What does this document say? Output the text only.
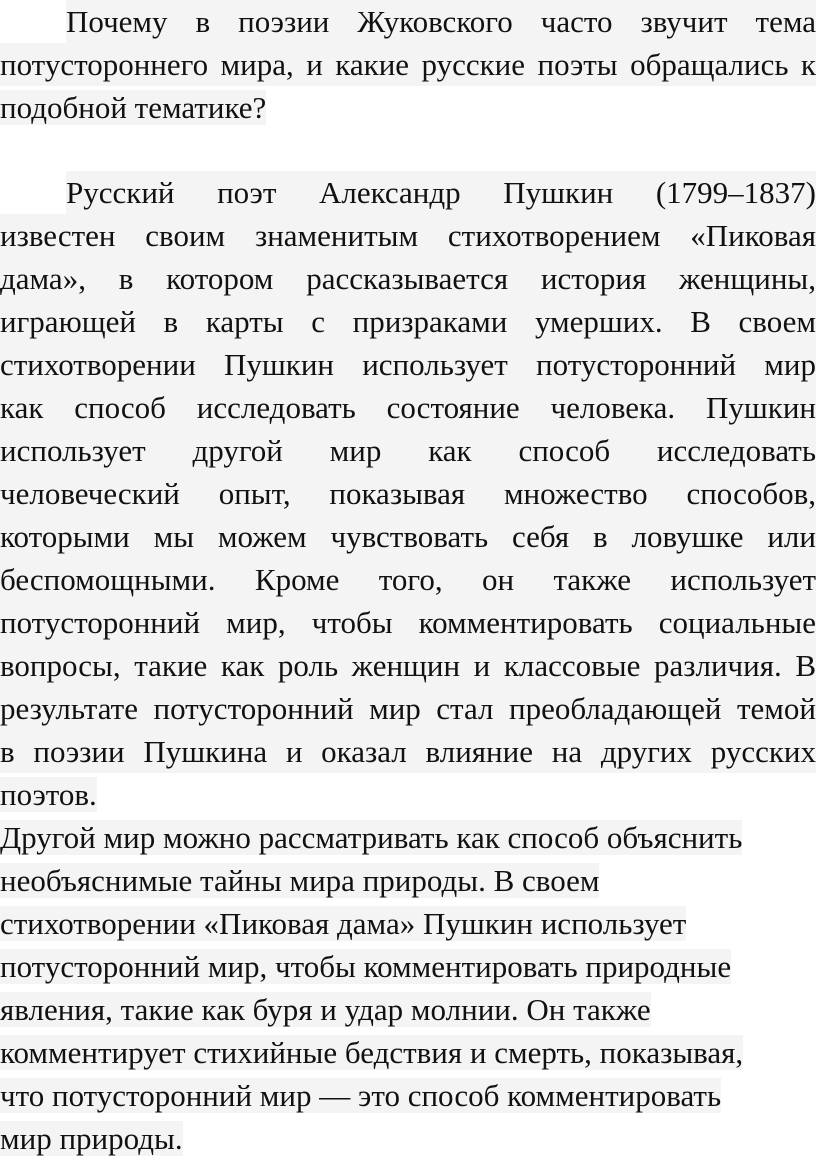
Почему в поэзии Жуковского часто звучит тема
потустороннего мира, и какие русские поэты обращались к
подобной тематике?
Русский поэт Александр Пушкин (1799–1837)
известен своим знаменитым стихотворением «Пиковая
дама», в котором рассказывается история женщины,
играющей в карты с призраками умерших. В своем
стихотворении Пушкин использует потусторонний мир
как способ исследовать состояние человека. Пушкин
использует другой мир как способ исследовать
человеческий опыт, показывая множество способов,
которыми мы можем чувствовать себя в ловушке или
беспомощными. Кроме того, он также использует
потусторонний мир, чтобы комментировать социальные
вопросы, такие как роль женщин и классовые различия. В
результате потусторонний мир стал преобладающей темой
в поэзии Пушкина и оказал влияние на других русских
поэтов.
Другой мир можно рассматривать как способ объяснить
необъяснимые тайны мира природы. В своем
стихотворении «Пиковая дама» Пушкин использует
потусторонний мир, чтобы комментировать природные
явления, такие как буря и удар молнии. Он также
комментирует стихийные бедствия и смерть, показывая,
что потусторонний мир — это способ комментировать
мир природы.
